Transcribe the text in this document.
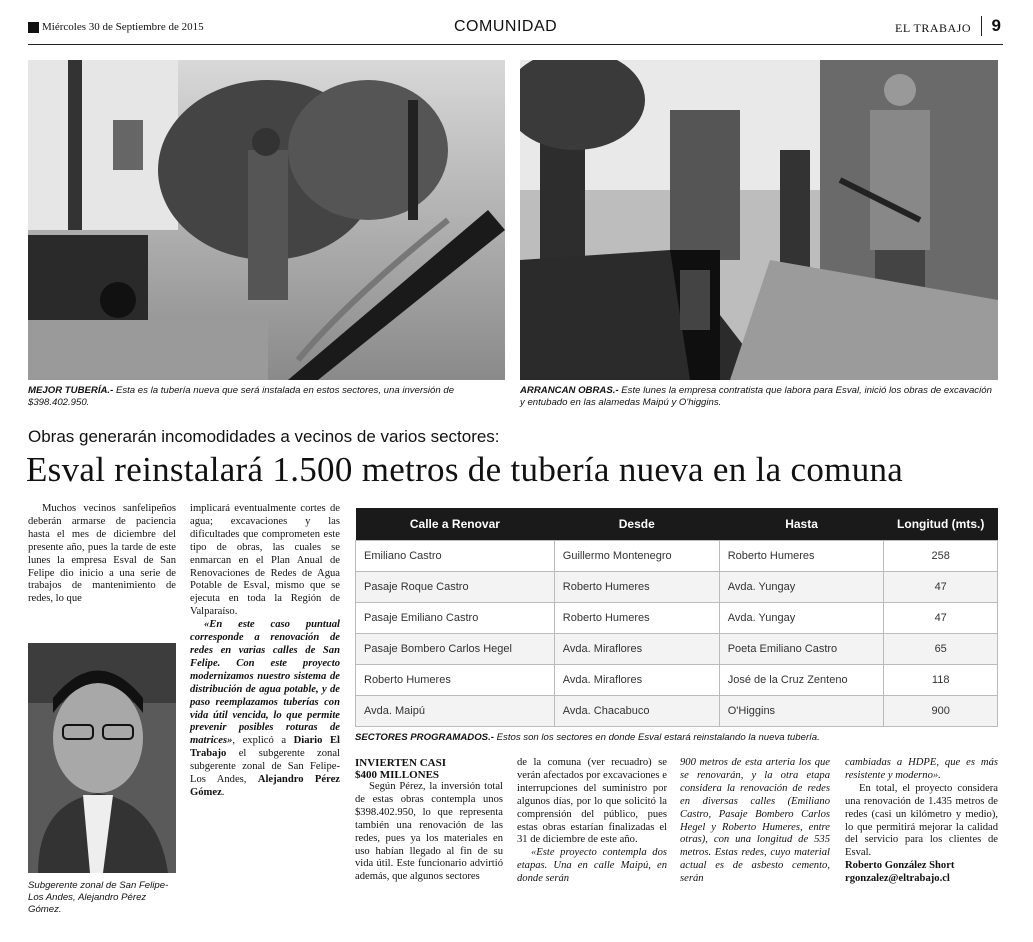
Miércoles 30 de Septiembre de 2015	COMUNIDAD	EL TRABAJO	9
MEJOR TUBERÍA.- Esta es la tubería nueva que será instalada en estos sectores, una inversión de $398.402.950.
ARRANCAN OBRAS.- Este lunes la empresa contratista que labora para Esval, inició los obras de excavación y entubado en las alamedas Maipú y O'higgins.
Obras generarán incomodidades a vecinos de varios sectores:
Esval reinstalará 1.500 metros de tubería nueva en la comuna

Muchos vecinos sanfelipeños deberán armarse de paciencia hasta el mes de diciembre del presente año, pues la tarde de este lunes la empresa Esval de San Felipe dio inicio a una serie de trabajos de mantenimiento de redes, lo que

Subgerente zonal de San Felipe-Los Andes, Alejandro Pérez Gómez.

implicará eventualmente cortes de agua; excavaciones y las dificultades que comprometen este tipo de obras, las cuales se enmarcan en el Plan Anual de Renovaciones de Redes de Agua Potable de Esval, mismo que se ejecuta en toda la Región de Valparaíso.

«En este caso puntual corresponde a renovación de redes en varias calles de San Felipe. Con este proyecto modernizamos nuestro sistema de distribución de agua potable, y de paso reemplazamos tuberías con vida útil vencida, lo que permite prevenir posibles roturas de matrices», explicó a Diario El Trabajo el subgerente zonal subgerente zonal de San Felipe-Los Andes, Alejandro Pérez Gómez.

Calle a Renovar	Desde	Hasta	Longitud (mts.)
Emiliano Castro	Guillermo Montenegro	Roberto Humeres	258
Pasaje Roque Castro	Roberto Humeres	Avda. Yungay	47
Pasaje Emiliano Castro	Roberto Humeres	Avda. Yungay	47
Pasaje Bombero Carlos Hegel	Avda. Miraflores	Poeta Emiliano Castro	65
Roberto Humeres	Avda. Miraflores	José de la Cruz Zenteno	118
Avda. Maipú	Avda. Chacabuco	O'Higgins	900
SECTORES PROGRAMADOS.- Estos son los sectores en donde Esval estará reinstalando la nueva tubería.
INVIERTEN CASI
$400 MILLONES

Según Pérez, la inversión total de estas obras contempla unos $398.402.950, lo que representa también una renovación de las redes, pues ya los materiales en uso habían llegado al fin de su vida útil. Este funcionario advirtió además, que algunos sectores

de la comuna (ver recuadro) se verán afectados por excavaciones e interrupciones del suministro por algunos días, por lo que solicitó la comprensión del público, pues estas obras estarían finalizadas el 31 de diciembre de este año.

«Este proyecto contempla dos etapas. Una en calle Maipú, en donde serán

900 metros de esta arteria los que se renovarán, y la otra etapa considera la renovación de redes en diversas calles (Emiliano Castro, Pasaje Bombero Carlos Hegel y Roberto Humeres, entre otras), con una longitud de 535 metros. Estas redes, cuyo material actual es de asbesto cemento, serán

cambiadas a HDPE, que es más resistente y moderno».

En total, el proyecto considera una renovación de 1.435 metros de redes (casi un kilómetro y medio), lo que permitirá mejorar la calidad del servicio para los clientes de Esval.

Roberto González Short
rgonzalez@eltrabajo.cl
